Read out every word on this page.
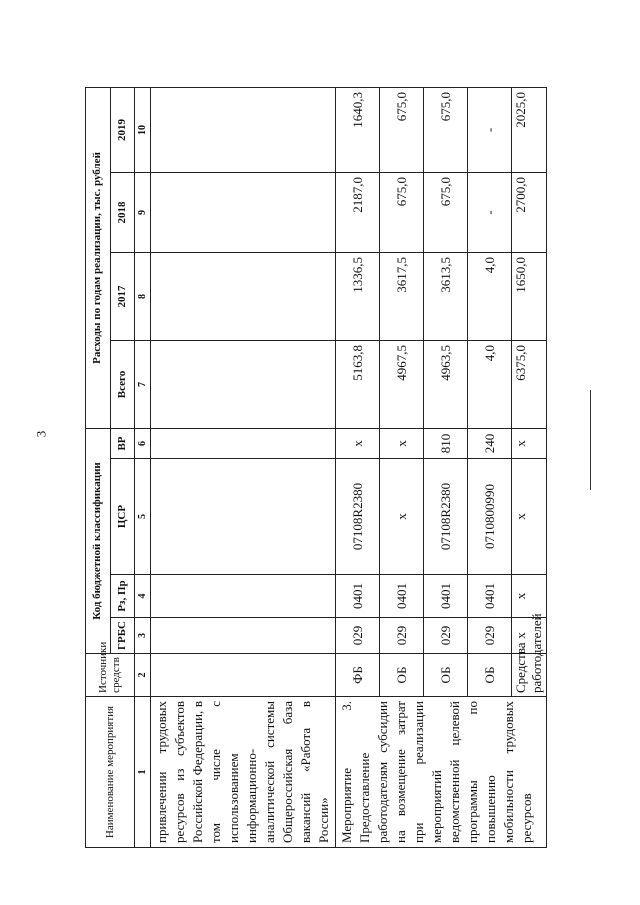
3
Наименование мероприятия	Источники средств	Код бюджетной классификации				Расходы по годам реализации, тыс. рублей			
		ГРБС	Рз, Пр	ЦСР	ВР	Всего	2017	2018	2019
1	2	3	4	5	6	7	8	9	10
привлечении трудовых ресурсов из субъектов Российской Федерации, в том числе с использованием информационно-аналитической системы Общероссийская база вакансий «Работа в России»									
Мероприятие 3. Предоставление работодателям субсидии на возмещение затрат при реализации мероприятий ведомственной целевой программы по повышению мобильности трудовых ресурсов	ФБ	029	0401	07108R2380	х	5163,8	1336,5	2187,0	1640,3
	ОБ	029	0401	х	х	4967,5	3617,5	675,0	675,0
	ОБ	029	0401	07108R2380	810	4963,5	3613,5	675,0	675,0
	ОБ	029	0401	0710800990	240	4,0	4,0	-	-
	Средства работодателей	х	х	х	х	6375,0	1650,0	2700,0	2025,0
